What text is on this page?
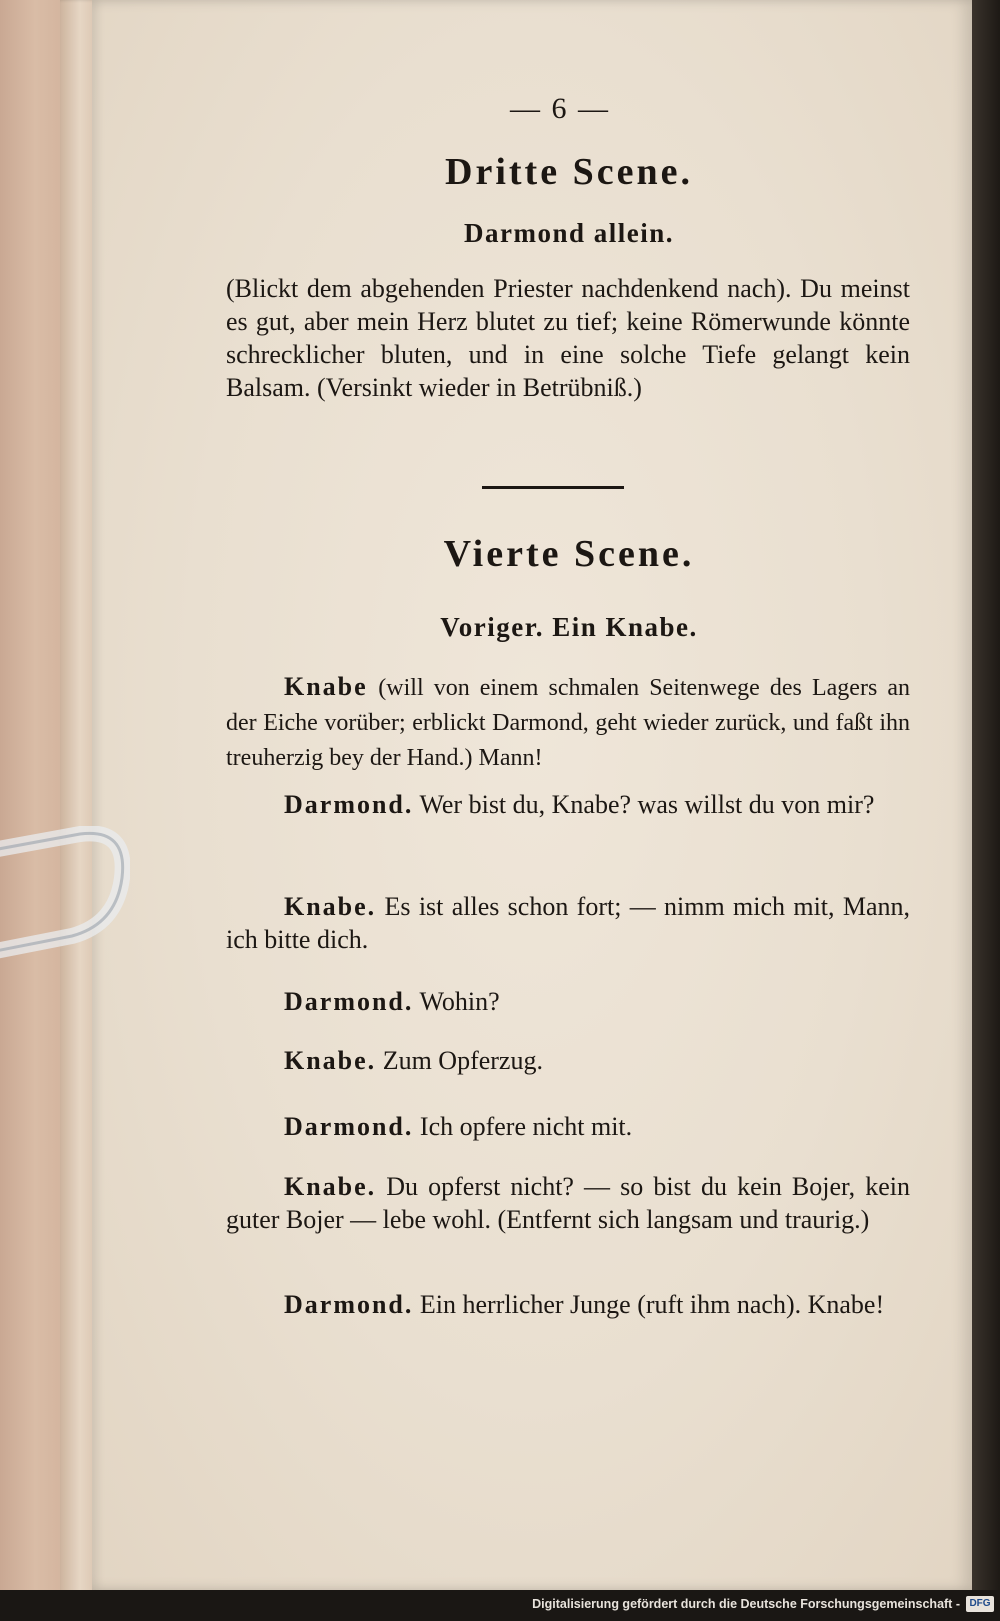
— 6 —
Dritte Scene.
Darmond allein.
(Blickt dem abgehenden Priester nachdenkend nach). Du meinst es gut, aber mein Herz blutet zu tief; keine Römerwunde könnte schrecklicher bluten, und in eine solche Tiefe gelangt kein Balsam. (Versinkt wieder in Betrübniß.)
Vierte Scene.
Voriger. Ein Knabe.
Knabe (will von einem schmalen Seitenwege des Lagers an der Eiche vorüber; erblickt Darmond, geht wieder zurück, und faßt ihn treuherzig bey der Hand.) Mann!
Darmond. Wer bist du, Knabe? was willst du von mir?
Knabe. Es ist alles schon fort; — nimm mich mit, Mann, ich bitte dich.
Darmond. Wohin?
Knabe. Zum Opferzug.
Darmond. Ich opfere nicht mit.
Knabe. Du opferst nicht? — so bist du kein Bojer, kein guter Bojer — lebe wohl. (Entfernt sich langsam und traurig.)
Darmond. Ein herrlicher Junge (ruft ihm nach). Knabe!
Digitalisierung gefördert durch die Deutsche Forschungsgemeinschaft - DFG
